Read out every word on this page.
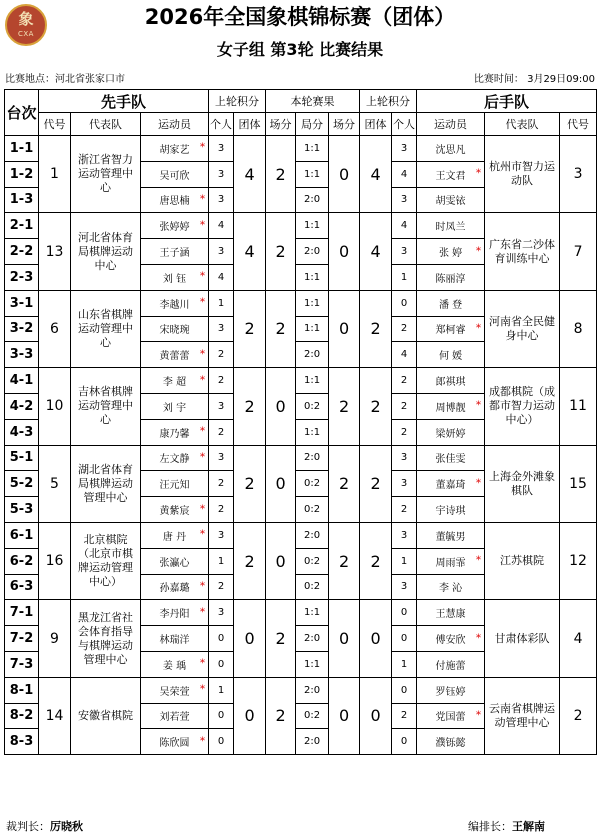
象
CXA
2026年全国象棋锦标赛（团体）
女子组 第3轮 比赛结果
比赛地点：河北省张家口市	比赛时间： 3月29日09:00
台次	先手队			上轮积分		本轮赛果			上轮积分		后手队		
	代号	代表队	运动员	个人	团体	场分	局分	场分	团体	个人	运动员	代表队	代号
1-1	1	浙江省智力运动管理中心	胡家艺 *	3	4	2	1:1	0	4	3	沈思凡	杭州市智力运动队	3
1-2			吴可欣	3			1:1			4	王文君 *		

1-3			唐思楠 *	3			2:0			3	胡雯铱		
2-1	13	河北省体育局棋牌运动中心	张婷婷 *	4	4	2	1:1	0	4	4	时凤兰	广东省二沙体育训练中心	7
2-2			王子涵	3			2:0			3	张 婷 *		

2-3			刘 钰 *	4			1:1			1	陈丽淳		
3-1	6	山东省棋牌运动管理中心	李越川 *	1	2	2	1:1	0	2	0	潘 登	河南省全民健身中心	8
3-2			宋晓琬	3			1:1			2	郑柯睿 *		

3-3			黄蕾蕾 *	2			2:0			4	何 媛		
4-1	10	吉林省棋牌运动管理中心	李 超 *	2	2	0	1:1	2	2	2	郎祺琪	成都棋院（成都市智力运动中心）	11
4-2			刘 宇	3			0:2			2	周博靓 *		

4-3			康乃馨 *	2			1:1			2	梁妍婷		
5-1	5	湖北省体育局棋牌运动管理中心	左文静 *	3	2	0	2:0	2	2	3	张佳雯	上海金外滩象棋队	15
5-2			汪元知	2			0:2			3	董嘉琦 *		

5-3			黄紫宸 *	2			0:2			2	宇诗琪		
6-1	16	北京棋院（北京市棋牌运动管理中心）	唐 丹 *	3	2	0	2:0	2	2	3	董毓男	江苏棋院	12
6-2			张瀛心	1			0:2			1	周雨霏 *		

6-3			孙嘉璐 *	2			0:2			3	李 沁		
7-1	9	黑龙江省社会体育指导与棋牌运动管理中心	李丹阳 *	3	0	2	1:1	0	0	0	王慧康	甘肃体彩队	4
7-2			林瑞洋	0			2:0			0	傅安欣 *		

7-3			姜 瑀 *	0			1:1			1	付施蕾		
8-1	14	安徽省棋院	吴荣萱 *	1	0	2	2:0	0	0	0	罗钰婷	云南省棋牌运动管理中心	2
8-2			刘若萱	0			0:2			2	党国蕾 *		

8-3			陈欣圆 *	0			2:0			0	濮铄懿		
裁判长：厉晓秋	编排长：王解南
